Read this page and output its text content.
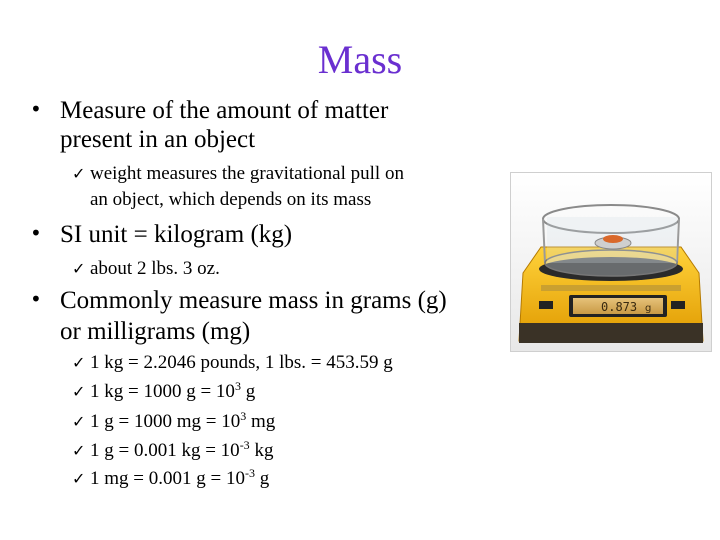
Mass
• Measure of the amount of matter
present in an object
✓ weight measures the gravitational pull on
an object, which depends on its mass
• SI unit = kilogram (kg)
✓ about 2 lbs. 3 oz.
• Commonly measure mass in grams (g)
or milligrams (mg)
✓ 1 kg = 2.2046 pounds, 1 lbs. = 453.59 g
✓ 1 kg = 1000 $g = 10^3$ g
✓ 1 g = 1000 mg = $10^3$ mg
✓ 1 g = 0.001 kg = $10^{-3}$ kg
✓ 1 mg = 0.001 $g = 10^{-3}$ g
0.873 g
